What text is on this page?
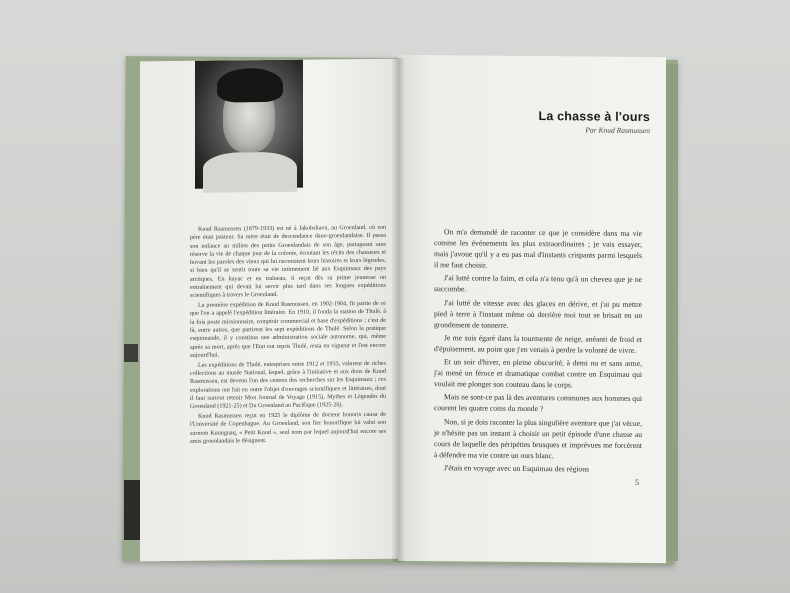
Knud Rasmussen (1879-1933) est né à Jakobshavn, au Groenland, où son père était pasteur. Sa mère était de descendance dano-groenlandaise. Il passa son enfance au milieu des petits Groenlandais de son âge, partageant sans réserve la vie de chaque jour de la colonie, écoutant les récits des chasseurs et buvant les paroles des vieux qui lui racontaient leurs histoires et leurs légendes, si bien qu'il se sentit toute sa vie intimement lié aux Esquimaux des pays arctiques. En kayac et en traîneau, il reçut dès sa prime jeunesse un entraînement qui devait lui servir plus tard dans ses longues expéditions scientifiques à travers le Groenland.

La première expédition de Knud Rasmussen, en 1902-1904, fit partie de ce que l'on a appelé l'expédition littéraire. En 1910, il fonda la station de Thulé, à la fois poste missionnaire, comptoir commercial et base d'expéditions ; c'est de là, entre autres, que partirent les sept expéditions de Thulé. Selon la pratique esquimaude, il y constitua une administration sociale autonome, qui, même après sa mort, après que l'Etat eut repris Thulé, resta en vigueur et l'est encore aujourd'hui.

Les expéditions de Thulé, entreprises entre 1912 et 1933, valurent de riches collections au musée National, lequel, grâce à l'initiative et aux dons de Knud Rasmussen, est devenu l'un des centres des recherches sur les Esquimaux ; ces explorations ont fait en outre l'objet d'ouvrages scientifiques et littéraires, dont il faut surtout retenir Mon Journal de Voyage (1915), Mythes et Légendes du Groenland (1921-25) et Du Groenland au Pacifique (1925-26).

Knud Rasmussen reçut en 1925 le diplôme de docteur honoris causa de l'Université de Copenhague. Au Groenland, son fier honorifique lui valut son surnom Kuungnaq, « Petit Knud », seul nom par lequel aujourd'hui encore ses amis groenlandais le désignent.

La chasse à l'ours
Par Knud Rasmussen

On m'a demandé de raconter ce que je considère dans ma vie comme les événements les plus extraordinaires ; je vais essayer, mais j'avoue qu'il y a eu pas mal d'instants crispants parmi lesquels il me faut choisir.

J'ai lutté contre la faim, et cela n'a tenu qu'à un cheveu que je ne succombe.

J'ai lutté de vitesse avec des glaces en dérive, et j'ai pu mettre pied à terre à l'instant même où derrière moi tout se brisait en un grondement de tonnerre.

Je me suis égaré dans la tourmente de neige, anéanti de froid et d'épuisement, au point que j'en venais à perdre la volonté de vivre.

Et un soir d'hiver, en pleine obscurité, à demi nu et sans arme, j'ai mené un féroce et dramatique combat contre un Esquimau qui voulait me plonger son couteau dans le corps.

Mais ne sont-ce pas là des aventures communes aux hommes qui courent les quatre coins du monde ?

Non, si je dois raconter la plus singulière aventure que j'ai vécue, je n'hésite pas un instant à choisir un petit épisode d'une chasse au cours de laquelle des péripéties brusques et imprévues me forcèrent à défendre ma vie contre un ours blanc.

J'étais en voyage avec un Esquimau des régions

5
